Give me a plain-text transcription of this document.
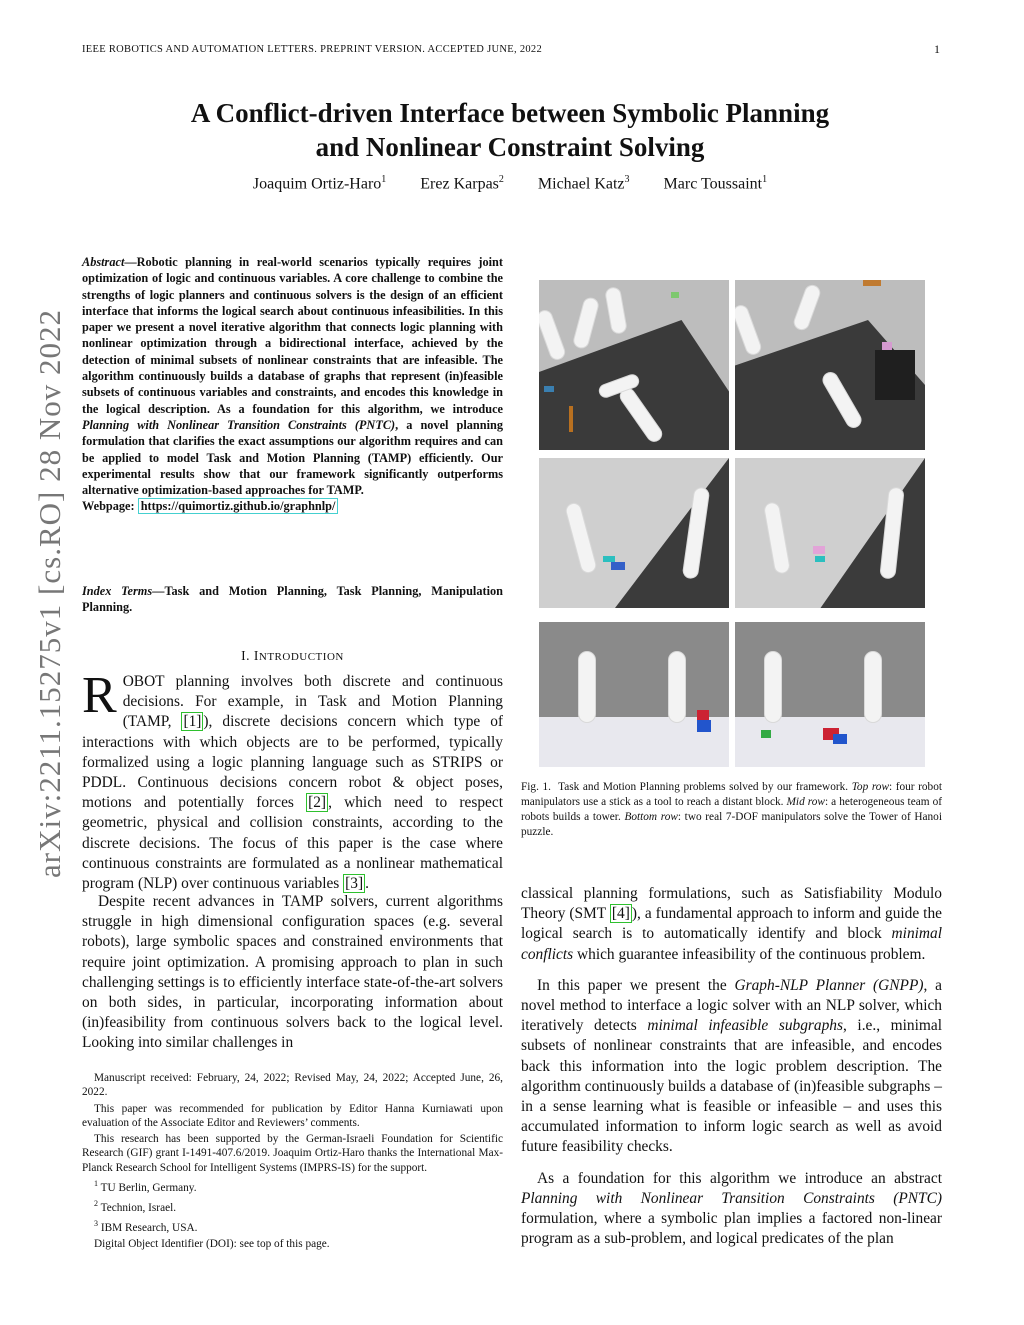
IEEE ROBOTICS AND AUTOMATION LETTERS. PREPRINT VERSION. ACCEPTED JUNE, 2022	1
arXiv:2211.15275v1 [cs.RO] 28 Nov 2022
A Conflict-driven Interface between Symbolic Planning
and Nonlinear Constraint Solving
Joaquim Ortiz-Haro$^1$ Erez Karpas$^2$ Michael Katz$^3$ Marc Toussaint$^1$
Abstract—Robotic planning in real-world scenarios typically requires joint optimization of logic and continuous variables. A core challenge to combine the strengths of logic planners and continuous solvers is the design of an efficient interface that informs the logical search about continuous infeasibilities. In this paper we present a novel iterative algorithm that connects logic planning with nonlinear optimization through a bidirectional interface, achieved by the detection of minimal subsets of nonlinear constraints that are infeasible. The algorithm continuously builds a database of graphs that represent (in)feasible subsets of continuous variables and constraints, and encodes this knowledge in the logical description. As a foundation for this algorithm, we introduce Planning with Nonlinear Transition Constraints (PNTC), a novel planning formulation that clarifies the exact assumptions our algorithm requires and can be applied to model Task and Motion Planning (TAMP) efficiently. Our experimental results show that our framework significantly outperforms alternative optimization-based approaches for TAMP.
Webpage: https://quimortiz.github.io/graphnlp/
Index Terms—Task and Motion Planning, Task Planning, Manipulation Planning.
I. INTRODUCTION
ROBOT planning involves both discrete and continuous decisions. For example, in Task and Motion Planning (TAMP, [1] ), discrete decisions concern which type of interactions with which objects are to be performed, typically formalized using a logic planning language such as STRIPS or PDDL. Continuous decisions concern robot & object poses, motions and potentially forces [2] , which need to respect geometric, physical and collision constraints, according to the discrete decisions. The focus of this paper is the case where continuous constraints are formulated as a nonlinear mathematical program (NLP) over continuous variables [3] .
Despite recent advances in TAMP solvers, current algorithms struggle in high dimensional configuration spaces (e.g. several robots), large symbolic spaces and constrained environments that require joint optimization. A promising approach to plan in such challenging settings is to efficiently interface state-of-the-art solvers on both sides, in particular, incorporating information about (in)feasibility from continuous solvers back to the logical level. Looking into similar challenges in

Manuscript received: February, 24, 2022; Revised May, 24, 2022; Accepted June, 26, 2022.

This paper was recommended for publication by Editor Hanna Kurniawati upon evaluation of the Associate Editor and Reviewers’ comments.

This research has been supported by the German-Israeli Foundation for Scientific Research (GIF) grant I-1491-407.6/2019. Joaquim Ortiz-Haro thanks the International Max-Planck Research School for Intelligent Systems (IMPRS-IS) for the support.

$^1$ TU Berlin, Germany.

$^2$ Technion, Israel.

$^3$ IBM Research, USA.

Digital Object Identifier (DOI): see top of this page.

Fig. 1. Task and Motion Planning problems solved by our framework. Top row: four robot manipulators use a stick as a tool to reach a distant block. Mid row: a heterogeneous team of robots builds a tower. Bottom row: two real 7-DOF manipulators solve the Tower of Hanoi puzzle.

classical planning formulations, such as Satisfiability Modulo Theory (SMT [4] ), a fundamental approach to inform and guide the logical search is to automatically identify and block minimal conflicts which guarantee infeasibility of the continuous problem.

In this paper we present the Graph-NLP Planner (GNPP), a novel method to interface a logic solver with an NLP solver, which iteratively detects minimal infeasible subgraphs, i.e., minimal subsets of nonlinear constraints that are infeasible, and encodes back this information into the logic problem description. The algorithm continuously builds a database of (in)feasible subgraphs – in a sense learning what is feasible or infeasible – and uses this accumulated information to inform logic search as well as avoid future feasibility checks.

As a foundation for this algorithm we introduce an abstract Planning with Nonlinear Transition Constraints (PNTC) formulation, where a symbolic plan implies a factored non-linear program as a sub-problem, and logical predicates of the plan
